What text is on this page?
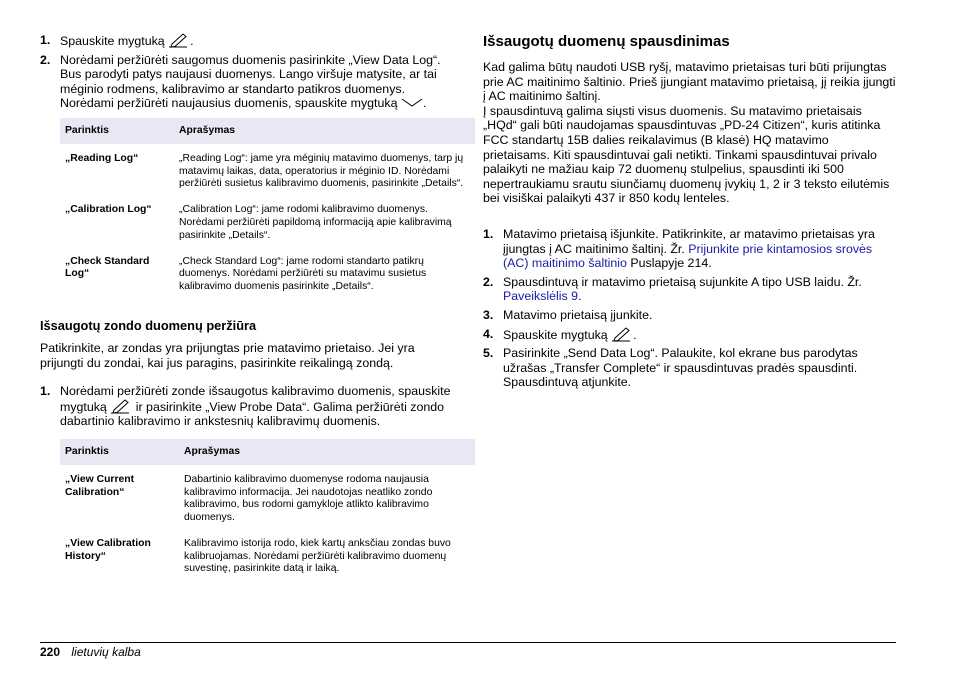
1. Spauskite mygtuką .
2. Norėdami peržiūrėti saugomus duomenis pasirinkite „View Data Log“. Bus parodyti patys naujausi duomenys. Lango viršuje matysite, ar tai méginio rodmens, kalibravimo ar standarto patikros duomenys. Norėdami peržiūrėti naujausius duomenis, spauskite mygtuką .
Parinktis	Aprašymas
„Reading Log“	„Reading Log“: jame yra méginių matavimo duomenys, tarp jų matavimų laikas, data, operatorius ir méginio ID. Norėdami peržiūrėti susietus kalibravimo duomenis, pasirinkite „Details“.
„Calibration Log“	„Calibration Log“: jame rodomi kalibravimo duomenys. Norėdami peržiūrėti papildomą informaciją apie kalibravimą pasirinkite „Details“.
„Check Standard Log“	„Check Standard Log“: jame rodomi standarto patikrų duomenys. Norėdami peržiūrėti su matavimu susietus kalibravimo duomenis pasirinkite „Details“.
Išsaugotų zondo duomenų peržiūra
Patikrinkite, ar zondas yra prijungtas prie matavimo prietaiso. Jei yra prijungti du zondai, kai jus paragins, pasirinkite reikalingą zondą.
1. Norėdami peržiūrėti zonde išsaugotus kalibravimo duomenis, spauskite mygtuką ir pasirinkite „View Probe Data“. Galima peržiūrėti zondo dabartinio kalibravimo ir ankstesnių kalibravimų duomenis.
Parinktis	Aprašymas
„View Current Calibration“	Dabartinio kalibravimo duomenyse rodoma naujausia kalibravimo informacija. Jei naudotojas neatliko zondo kalibravimo, bus rodomi gamykloje atlikto kalibravimo duomenys.
„View Calibration History“	Kalibravimo istorija rodo, kiek kartų anksčiau zondas buvo kalibruojamas. Norėdami peržiūrėti kalibravimo duomenų suvestinę, pasirinkite datą ir laiką.
Išsaugotų duomenų spausdinimas
Kad galima būtų naudoti USB ryšį, matavimo prietaisas turi būti prijungtas prie AC maitinimo šaltinio. Prieš įjungiant matavimo prietaisą, jį reikia įjungti į AC maitinimo šaltinį.
Į spausdintuvą galima siųsti visus duomenis. Su matavimo prietaisais „HQd“ gali būti naudojamas spausdintuvas „PD-24 Citizen“, kuris atitinka FCC standartų 15B dalies reikalavimus (B klasė) HQ matavimo prietaisams. Kiti spausdintuvai gali netikti. Tinkami spausdintuvai privalo palaikyti ne mažiau kaip 72 duomenų stulpelius, spausdinti iki 500 nepertraukiamu srautu siunčiamų duomenų įvykių 1, 2 ir 3 teksto eilutėmis bei visiškai palaikyti 437 ir 850 kodų lenteles.
1. Matavimo prietaisą išjunkite. Patikrinkite, ar matavimo prietaisas yra įjungtas į AC maitinimo šaltinį. Žr. Prijunkite prie kintamosios srovės (AC) maitinimo šaltinio Puslapyje 214.
2. Spausdintuvą ir matavimo prietaisą sujunkite A tipo USB laidu. Žr. Paveikslėlis 9.
3. Matavimo prietaisą įjunkite.
4. Spauskite mygtuką .
5. Pasirinkite „Send Data Log“. Palaukite, kol ekrane bus parodytas užrašas „Transfer Complete“ ir spausdintuvas pradės spausdinti. Spausdintuvą atjunkite.
220 lietuvių kalba
